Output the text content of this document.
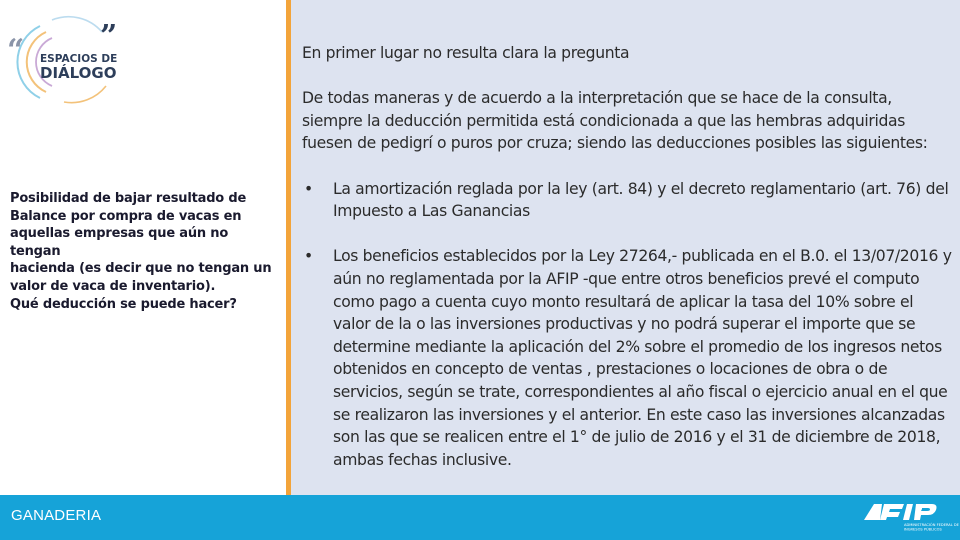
“	”
ESPACIOS DE
DIÁLOGO

Posibilidad de bajar resultado de

Balance por compra de vacas en

aquellas empresas que aún no tengan

hacienda (es decir que no tengan un

valor de vaca de inventario).

Qué deducción se puede hacer?

En primer lugar no resulta clara la pregunta

De todas maneras y de acuerdo a la interpretación que se hace de la consulta, siempre la deducción permitida está condicionada a que las hembras adquiridas fuesen de pedigrí o puros por cruza; siendo las deducciones posibles las siguientes:

• La amortización reglada por la ley (art. 84) y el decreto reglamentario (art. 76) del Impuesto a Las Ganancias
• Los beneficios establecidos por la Ley 27264,- publicada en el B.0. el 13/07/2016 y aún no reglamentada por la AFIP -que entre otros beneficios prevé el computo como pago a cuenta cuyo monto resultará de aplicar la tasa del 10% sobre el valor de la o las inversiones productivas y no podrá superar el importe que se determine mediante la aplicación del 2% sobre el promedio de los ingresos netos obtenidos en concepto de ventas , prestaciones o locaciones de obra o de servicios, según se trate, correspondientes al año fiscal o ejercicio anual en el que se realizaron las inversiones y el anterior. En este caso las inversiones alcanzadas son las que se realicen entre el 1° de julio de 2016 y el 31 de diciembre de 2018, ambas fechas inclusive.
GANADERIA
ADMINISTRACIÓN FEDERAL DE
INGRESOS PÚBLICOS
